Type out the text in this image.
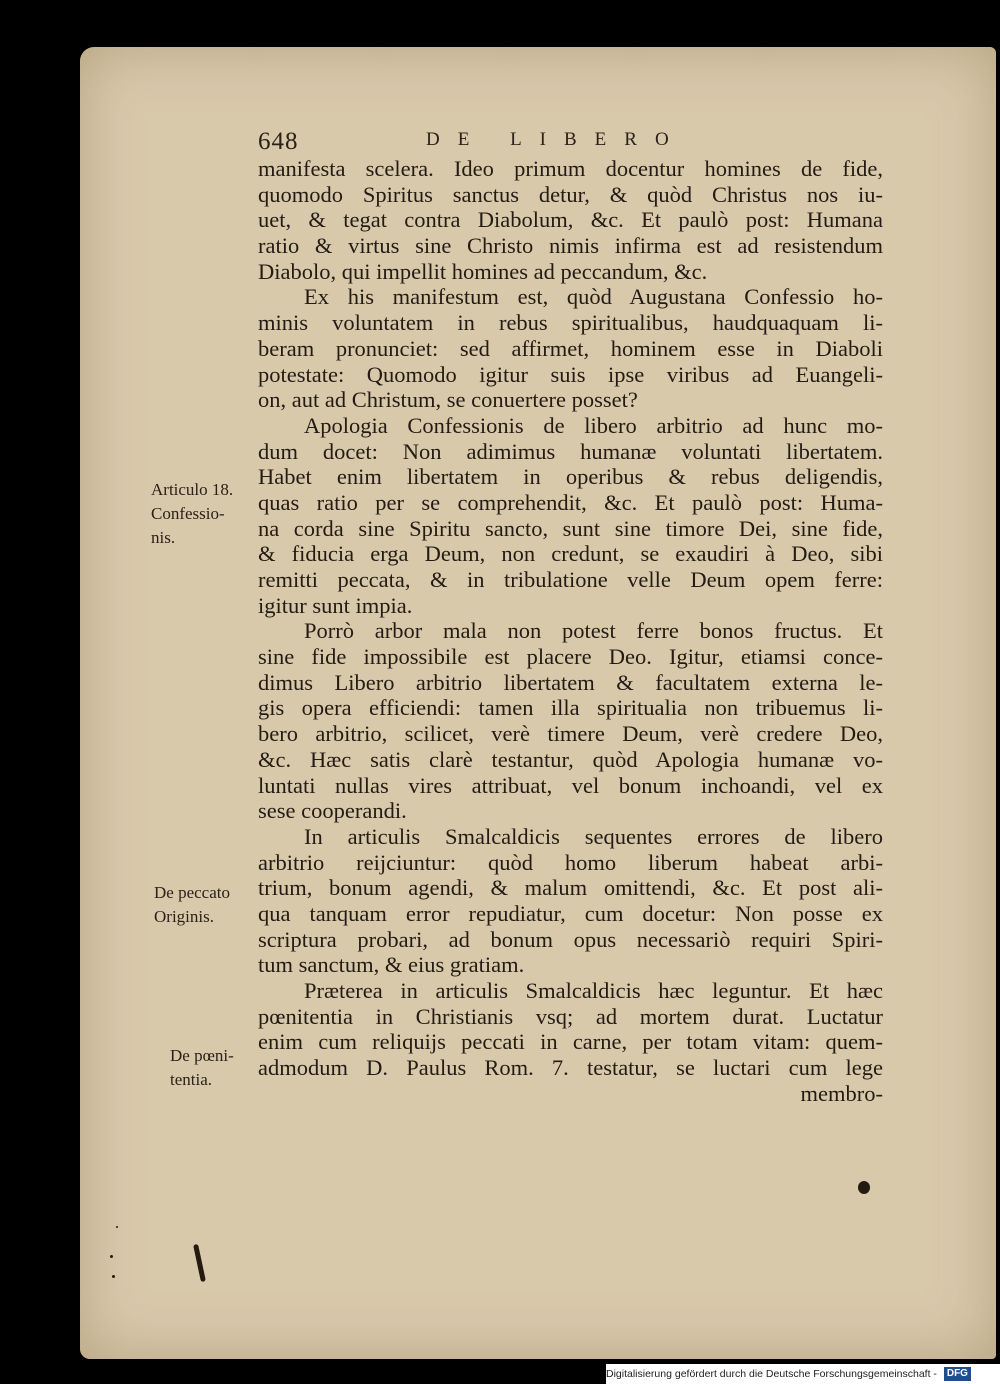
648	DE LIBERO
manifesta scelera. Ideo primum docentur homines de fide,
quomodo Spiritus sanctus detur, & quòd Christus nos iu-
uet, & tegat contra Diabolum, &c. Et paulò post: Humana
ratio & virtus sine Christo nimis infirma est ad resistendum
Diabolo, qui impellit homines ad peccandum, &c.
Ex his manifestum est, quòd Augustana Confessio ho-
minis voluntatem in rebus spiritualibus, haudquaquam li-
beram pronunciet: sed affirmet, hominem esse in Diaboli
potestate: Quomodo igitur suis ipse viribus ad Euangeli-
on, aut ad Christum, se conuertere posset?
Apologia Confessionis de libero arbitrio ad hunc mo-
dum docet: Non adimimus humanæ voluntati libertatem.
Habet enim libertatem in operibus & rebus deligendis,
quas ratio per se comprehendit, &c. Et paulò post: Huma-
na corda sine Spiritu sancto, sunt sine timore Dei, sine fide,
& fiducia erga Deum, non credunt, se exaudiri à Deo, sibi
remitti peccata, & in tribulatione velle Deum opem ferre:
igitur sunt impia.
Porrò arbor mala non potest ferre bonos fructus. Et
sine fide impossibile est placere Deo. Igitur, etiamsi conce-
dimus Libero arbitrio libertatem & facultatem externa le-
gis opera efficiendi: tamen illa spiritualia non tribuemus li-
bero arbitrio, scilicet, verè timere Deum, verè credere Deo,
&c. Hæc satis clarè testantur, quòd Apologia humanæ vo-
luntati nullas vires attribuat, vel bonum inchoandi, vel ex
sese cooperandi.
In articulis Smalcaldicis sequentes errores de libero
arbitrio reijciuntur: quòd homo liberum habeat arbi-
trium, bonum agendi, & malum omittendi, &c. Et post ali-
qua tanquam error repudiatur, cum docetur: Non posse ex
scriptura probari, ad bonum opus necessariò requiri Spiri-
tum sanctum, & eius gratiam.
Præterea in articulis Smalcaldicis hæc leguntur. Et hæc
pœnitentia in Christianis vsq; ad mortem durat. Luctatur
enim cum reliquijs peccati in carne, per totam vitam: quem-
admodum D. Paulus Rom. 7. testatur, se luctari cum lege
membro-
Articulo 18.
Confessio-
nis.
De peccato
Originis.
De pœni-
tentia.
Digitalisierung gefördert durch die Deutsche Forschungsgemeinschaft - DFG
